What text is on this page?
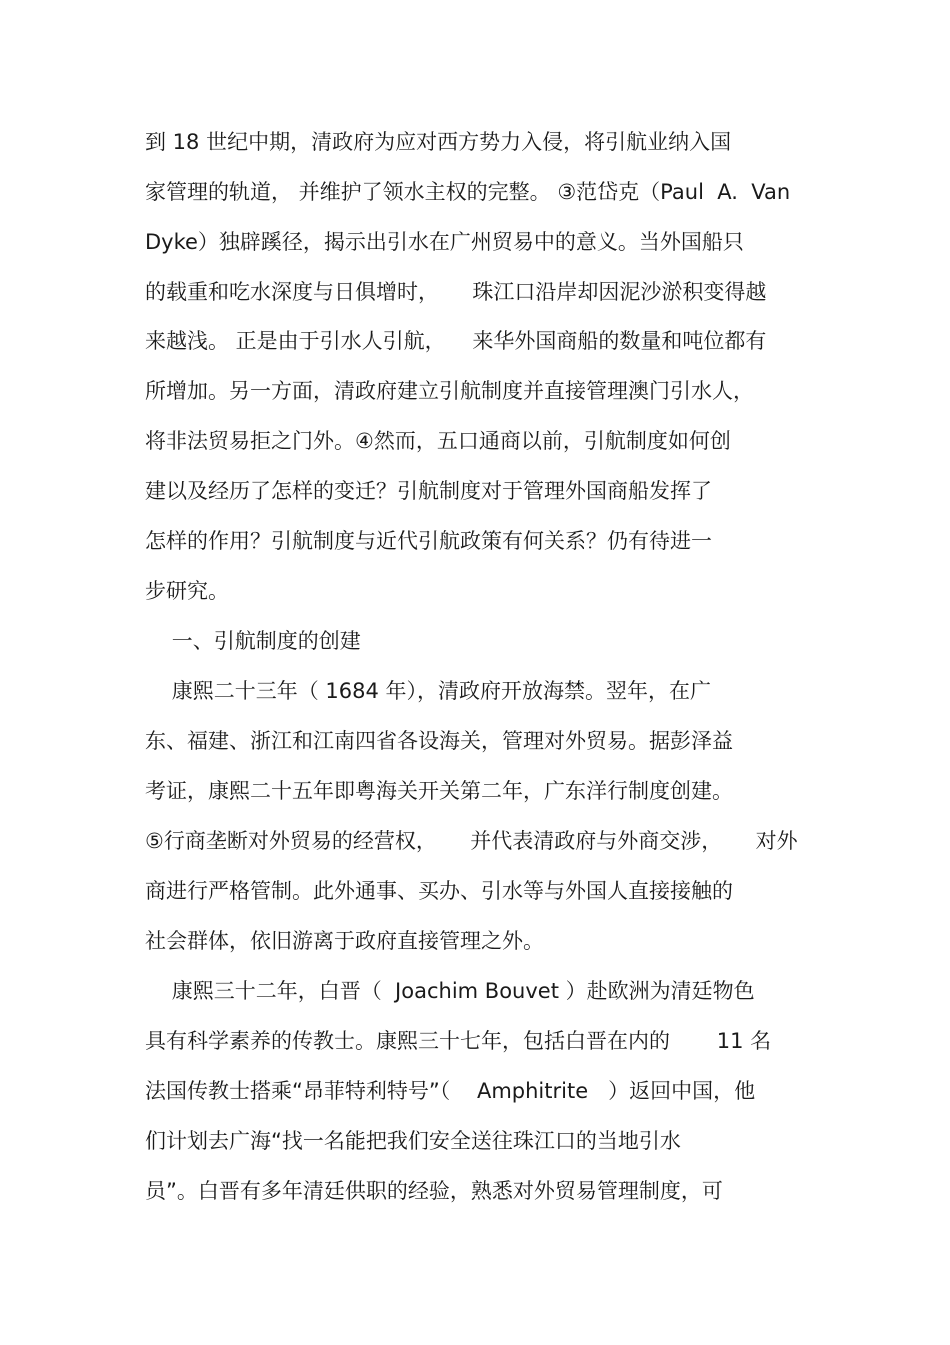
到 18 世纪中期，清政府为应对西方势力入侵，将引航业纳入国

家管理的轨道， 并维护了领水主权的完整。 ③范岱克（Paul  A.  Van

Dyke）独辟蹊径，揭示出引水在广州贸易中的意义。当外国船只

的载重和吃水深度与日俱增时，     珠江口沿岸却因泥沙淤积变得越

来越浅。 正是由于引水人引航，    来华外国商船的数量和吨位都有

所增加。另一方面，清政府建立引航制度并直接管理澳门引水人，

将非法贸易拒之门外。④然而，五口通商以前，引航制度如何创

建以及经历了怎样的变迁？引航制度对于管理外国商船发挥了

怎样的作用？引航制度与近代引航政策有何关系？仍有待进一

步研究。

一、引航制度的创建

康熙二十三年（ 1684 年），清政府开放海禁。翌年，在广

东、福建、浙江和江南四省各设海关，管理对外贸易。据彭泽益

考证，康熙二十五年即粤海关开关第二年，广东洋行制度创建。

⑤行商垄断对外贸易的经营权，     并代表清政府与外商交涉，     对外

商进行严格管制。此外通事、买办、引水等与外国人直接接触的

社会群体，依旧游离于政府直接管理之外。

康熙三十二年，白晋（  Joachim Bouvet ）赴欧洲为清廷物色

具有科学素养的传教士。康熙三十七年，包括白晋在内的       11 名

法国传教士搭乘“昂菲特利特号”（    Amphitrite   ）返回中国，他

们计划去广海“找一名能把我们安全送往珠江口的当地引水

员”。白晋有多年清廷供职的经验，熟悉对外贸易管理制度，可
